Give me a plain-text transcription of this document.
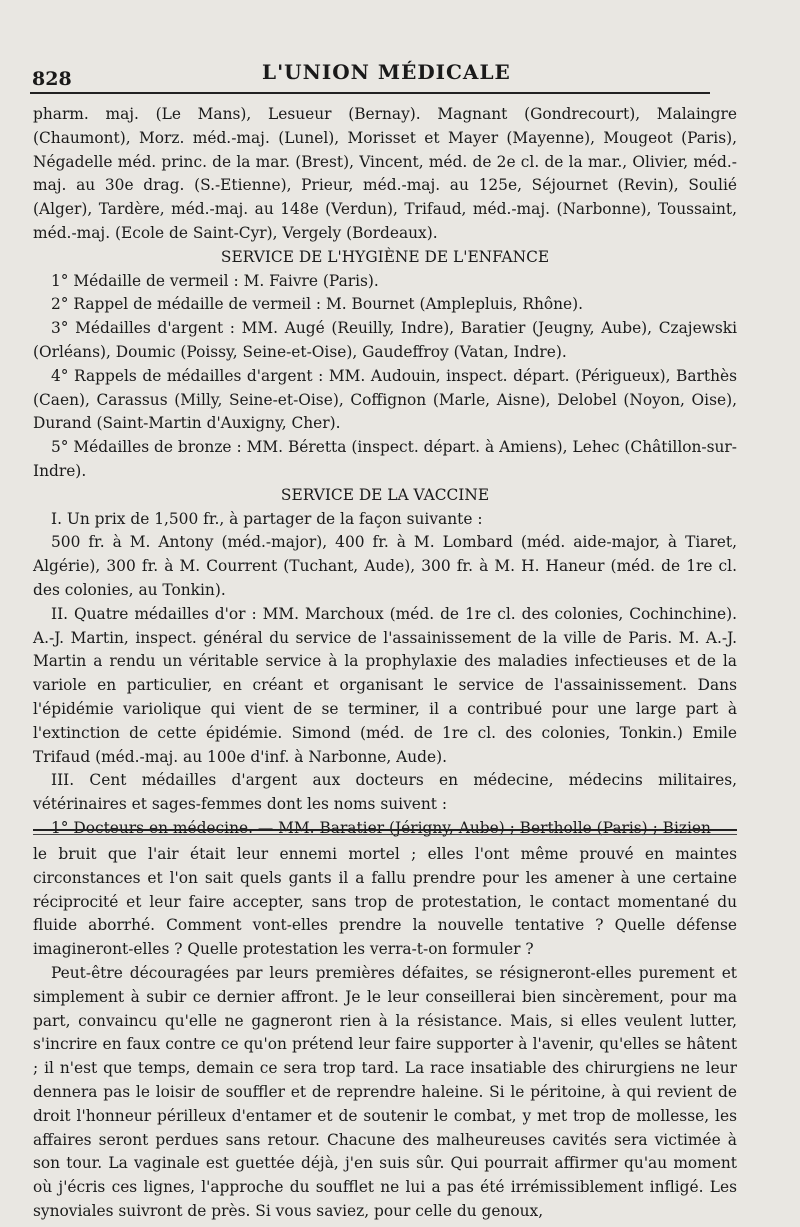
828	L'UNION MÉDICALE

pharm. maj. (Le Mans), Lesueur (Bernay). Magnant (Gondrecourt), Malaingre (Chaumont), Morz. méd.-maj. (Lunel), Morisset et Mayer (Mayenne), Mougeot (Paris), Négadelle méd. princ. de la mar. (Brest), Vincent, méd. de 2e cl. de la mar., Olivier, méd.-maj. au 30e drag. (S.-Etienne), Prieur, méd.-maj. au 125e, Séjournet (Revin), Soulié (Alger), Tardère, méd.-maj. au 148e (Verdun), Trifaud, méd.-maj. (Narbonne), Toussaint, méd.-maj. (Ecole de Saint-Cyr), Vergely (Bordeaux).

SERVICE DE L'HYGIÈNE DE L'ENFANCE

1° Médaille de vermeil : M. Faivre (Paris).

2° Rappel de médaille de vermeil : M. Bournet (Amplepluis, Rhône).

3° Médailles d'argent : MM. Augé (Reuilly, Indre), Baratier (Jeugny, Aube), Czajewski (Orléans), Doumic (Poissy, Seine-et-Oise), Gaudeffroy (Vatan, Indre).

4° Rappels de médailles d'argent : MM. Audouin, inspect. départ. (Périgueux), Barthès (Caen), Carassus (Milly, Seine-et-Oise), Coffignon (Marle, Aisne), Delobel (Noyon, Oise), Durand (Saint-Martin d'Auxigny, Cher).

5° Médailles de bronze : MM. Béretta (inspect. départ. à Amiens), Lehec (Châtillon-sur-Indre).

SERVICE DE LA VACCINE

I. Un prix de 1,500 fr., à partager de la façon suivante :

500 fr. à M. Antony (méd.-major), 400 fr. à M. Lombard (méd. aide-major, à Tiaret, Algérie), 300 fr. à M. Courrent (Tuchant, Aude), 300 fr. à M. H. Haneur (méd. de 1re cl. des colonies, au Tonkin).

II. Quatre médailles d'or : MM. Marchoux (méd. de 1re cl. des colonies, Cochinchine). A.-J. Martin, inspect. général du service de l'assainissement de la ville de Paris. M. A.-J. Martin a rendu un véritable service à la prophylaxie des maladies infectieuses et de la variole en particulier, en créant et organisant le service de l'assainissement. Dans l'épidémie variolique qui vient de se terminer, il a contribué pour une large part à l'extinction de cette épidémie. Simond (méd. de 1re cl. des colonies, Tonkin.) Emile Trifaud (méd.-maj. au 100e d'inf. à Narbonne, Aude).

III. Cent médailles d'argent aux docteurs en médecine, médecins militaires, vétérinaires et sages-femmes dont les noms suivent :

1° Docteurs en médecine. — MM. Baratier (Jérigny, Aube) ; Bertholle (Paris) ; Bizien

le bruit que l'air était leur ennemi mortel ; elles l'ont même prouvé en maintes circonstances et l'on sait quels gants il a fallu prendre pour les amener à une certaine réciprocité et leur faire accepter, sans trop de protestation, le contact momentané du fluide aborrhé. Comment vont-elles prendre la nouvelle tentative ? Quelle défense imagineront-elles ? Quelle protestation les verra-t-on formuler ?

Peut-être découragées par leurs premières défaites, se résigneront-elles purement et simplement à subir ce dernier affront. Je le leur conseillerai bien sincèrement, pour ma part, convaincu qu'elle ne gagneront rien à la résistance. Mais, si elles veulent lutter, s'incrire en faux contre ce qu'on prétend leur faire supporter à l'avenir, qu'elles se hâtent ; il n'est que temps, demain ce sera trop tard. La race insatiable des chirurgiens ne leur dennera pas le loisir de souffler et de reprendre haleine. Si le péritoine, à qui revient de droit l'honneur périlleux d'entamer et de soutenir le combat, y met trop de mollesse, les affaires seront perdues sans retour. Chacune des malheureuses cavités sera victimée à son tour. La vaginale est guettée déjà, j'en suis sûr. Qui pourrait affirmer qu'au moment où j'écris ces lignes, l'approche du soufflet ne lui a pas été irrémissiblement infligé. Les synoviales suivront de près. Si vous saviez, pour celle du genoux,
